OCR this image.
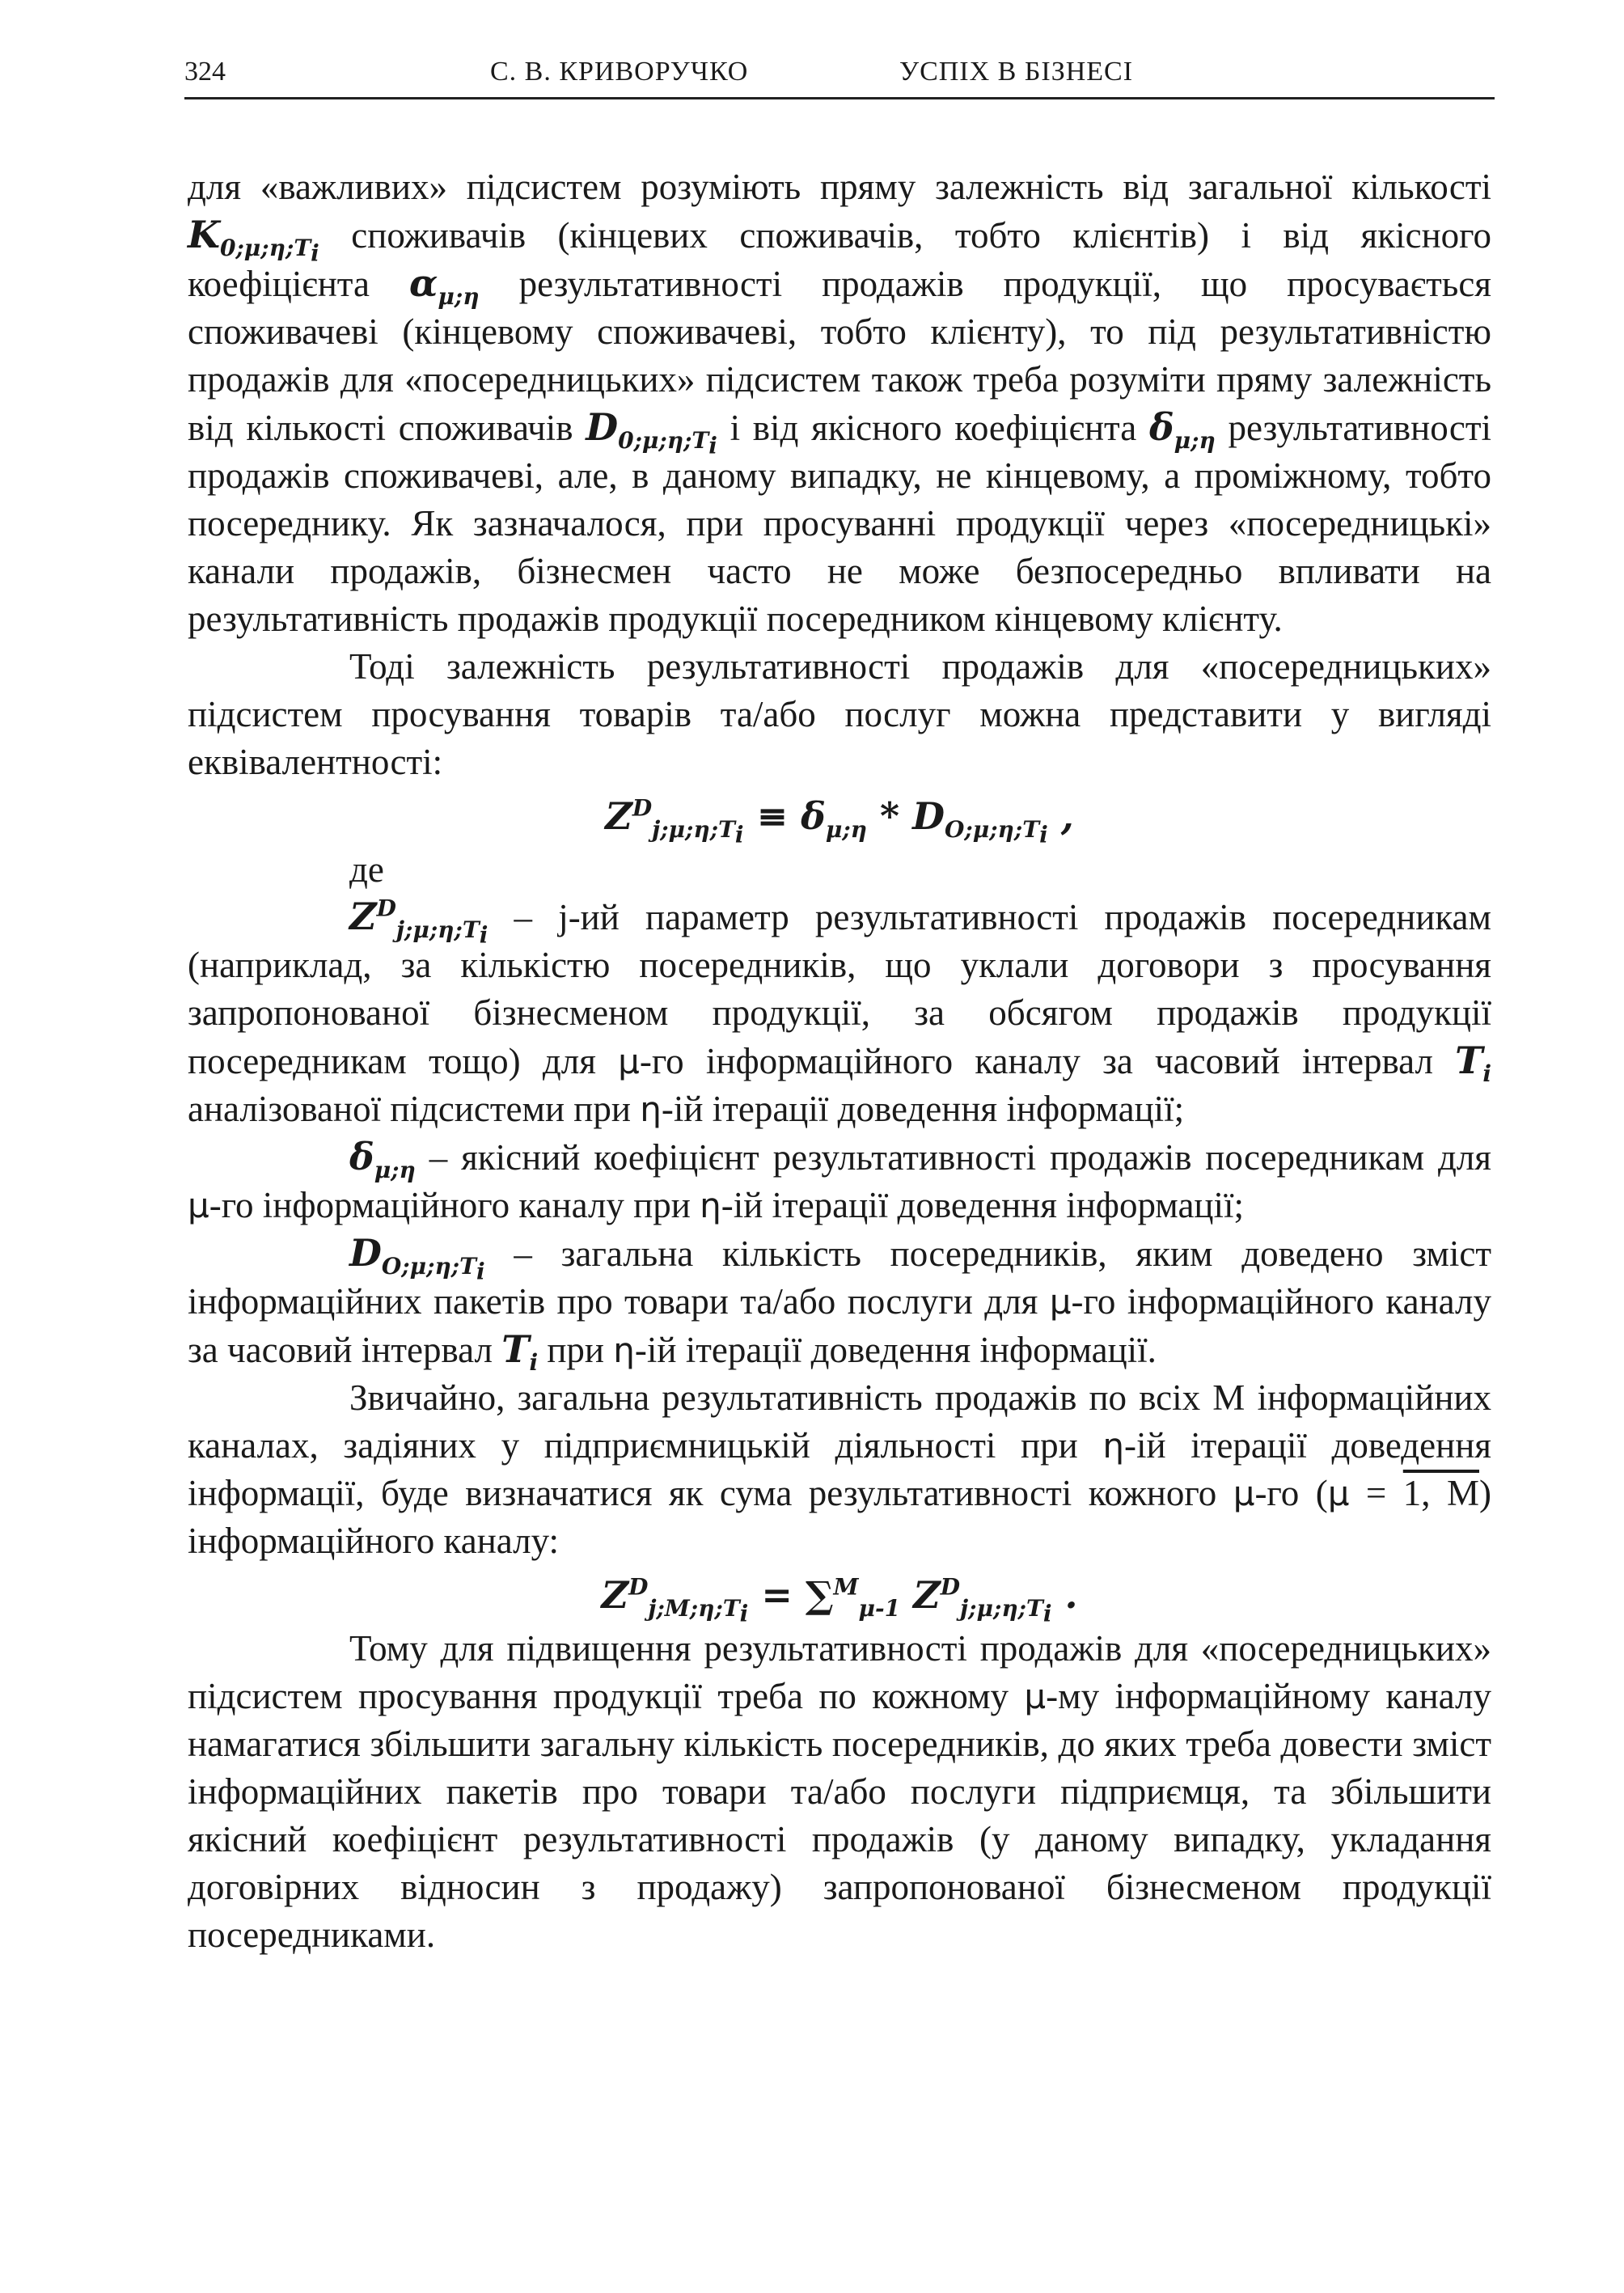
324	С. В. КРИВОРУЧКО	УСПІХ В БІЗНЕСІ

для «важливих» підсистем розуміють пряму залежність від загальної кількості $K_{0;\mu;\eta;T_i}$ споживачів (кінцевих споживачів, тобто клієнтів) і від якісного коефіцієнта $\alpha_{\mu;\eta}$ результативності продажів продукції, що просувається споживачеві (кінцевому споживачеві, тобто клієнту), то під результативністю продажів для «посередницьких» підсистем також треба розуміти пряму залежність від кількості споживачів $D_{0;\mu;\eta;T_i}$ і від якісного коефіцієнта $\delta_{\mu;\eta}$ результативності продажів споживачеві, але, в даному випадку, не кінцевому, а проміжному, тобто посереднику. Як зазначалося, при просуванні продукції через «посередницькі» канали продажів, бізнесмен часто не може безпосередньо впливати на результативність продажів продукції посередником кінцевому клієнту.

Тоді залежність результативності продажів для «посередницьких» підсистем просування товарів та/або послуг можна представити у вигляді еквівалентності:

$Z^D_{j;\mu;\eta;T_i} \equiv \delta_{\mu;\eta} * D_{O;\mu;\eta;T_i}$ ,
де

$Z^D_{j;\mu;\eta;T_i} - j-ий$ параметр результативності продажів посередникам (наприклад, за кількістю посередників, що уклали договори з просування запропонованої бізнесменом продукції, за обсягом продажів продукції посередникам тощо) для μ-го інформаційного каналу за часовий інтервал $T_i$ аналізованої підсистеми при η-ій ітерації доведення інформації;

$\delta_{\mu;\eta}$ – якісний коефіцієнт результативності продажів посередникам для μ-го інформаційного каналу при η-ій ітерації доведення інформації;

$D_{O;\mu;\eta;T_i}$ – загальна кількість посередників, яким доведено зміст інформаційних пакетів про товари та/або послуги для μ-го інформаційного каналу за часовий інтервал $T_i$ при η-ій ітерації доведення інформації.

Звичайно, загальна результативність продажів по всіх М інформаційних каналах, задіяних у підприємницькій діяльності при η-ій ітерації доведення інформації, буде визначатися як сума результативності кожного μ-го (μ = 1, М) інформаційного каналу:

$Z^D_{j;M;\eta;T_i} = \sum^M_{\mu-1}$ $Z^D_{j;\mu;\eta;T_i}$ .

Тому для підвищення результативності продажів для «посередницьких» підсистем просування продукції треба по кожному μ-му інформаційному каналу намагатися збільшити загальну кількість посередників, до яких треба довести зміст інформаційних пакетів про товари та/або послуги підприємця, та збільшити якісний коефіцієнт результативності продажів (у даному випадку, укладання договірних відносин з продажу) запропонованої бізнесменом продукції посередниками.
